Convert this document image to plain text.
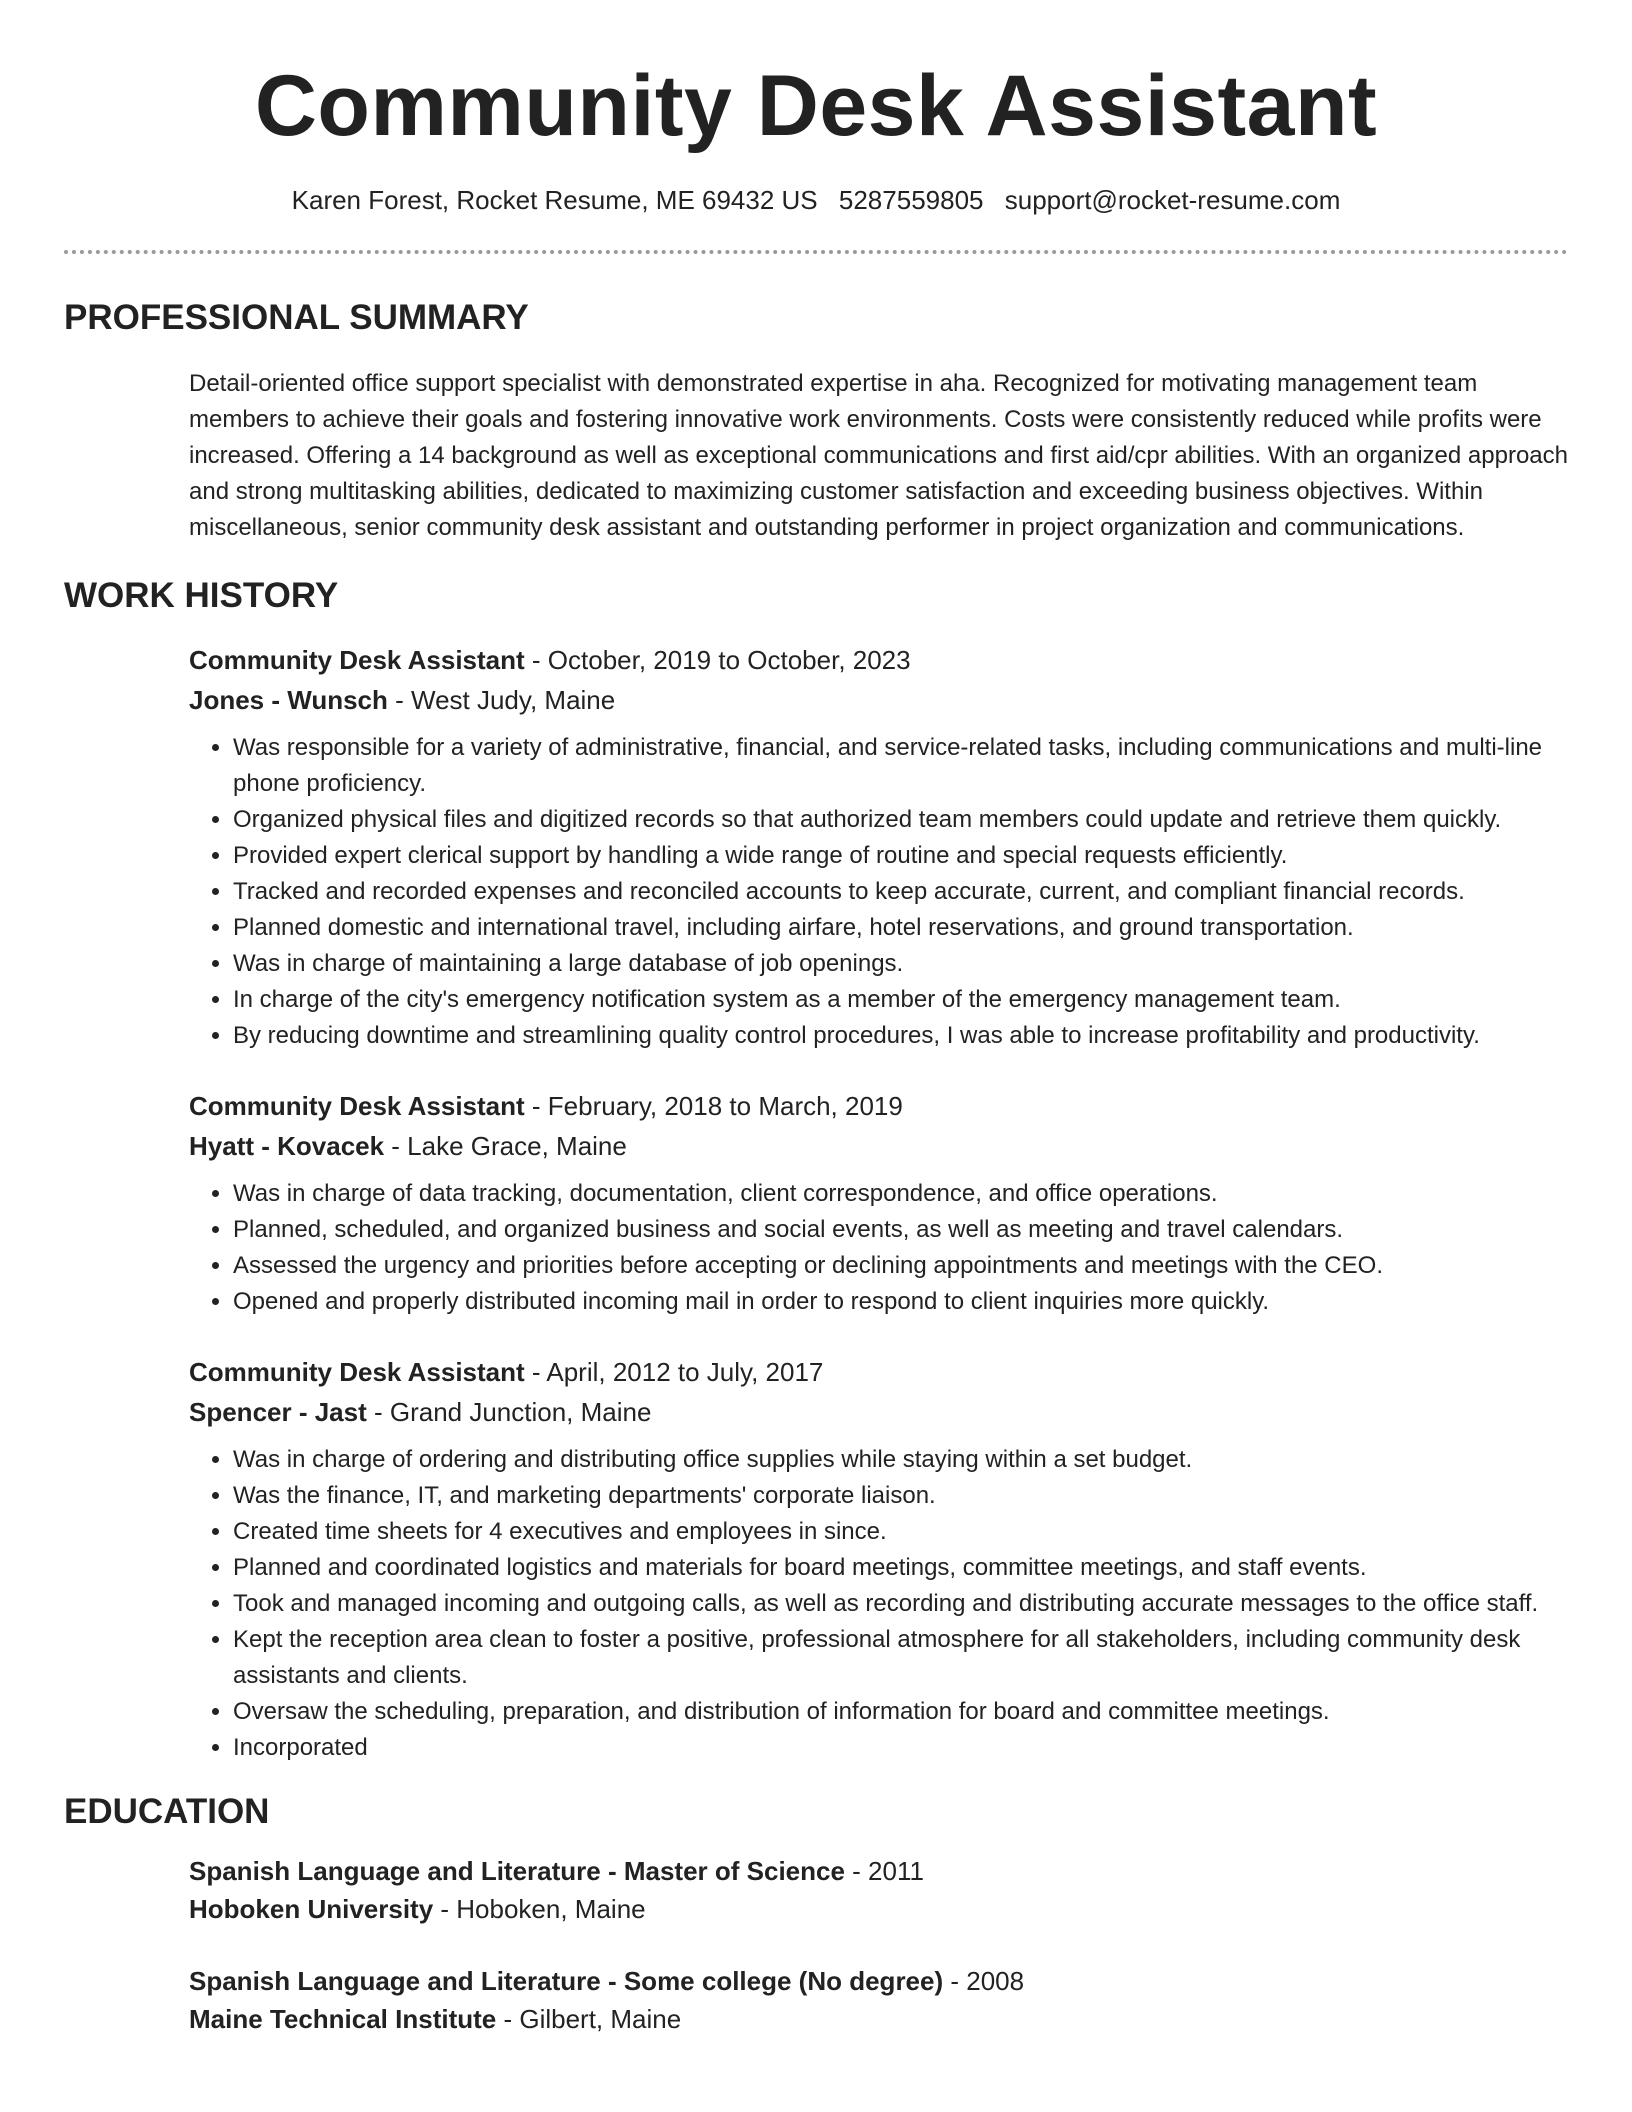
Community Desk Assistant
Karen Forest, Rocket Resume, ME 69432 US 5287559805 support@rocket-resume.com
PROFESSIONAL SUMMARY

Detail-oriented office support specialist with demonstrated expertise in aha. Recognized for motivating management team members to achieve their goals and fostering innovative work environments. Costs were consistently reduced while profits were increased. Offering a 14 background as well as exceptional communications and first aid/cpr abilities. With an organized approach and strong multitasking abilities, dedicated to maximizing customer satisfaction and exceeding business objectives. Within miscellaneous, senior community desk assistant and outstanding performer in project organization and communications.

WORK HISTORY
Community Desk Assistant - October, 2019 to October, 2023
Jones - Wunsch - West Judy, Maine
• Was responsible for a variety of administrative, financial, and service-related tasks, including communications and multi-line phone proficiency.
• Organized physical files and digitized records so that authorized team members could update and retrieve them quickly.
• Provided expert clerical support by handling a wide range of routine and special requests efficiently.
• Tracked and recorded expenses and reconciled accounts to keep accurate, current, and compliant financial records.
• Planned domestic and international travel, including airfare, hotel reservations, and ground transportation.
• Was in charge of maintaining a large database of job openings.
• In charge of the city's emergency notification system as a member of the emergency management team.
• By reducing downtime and streamlining quality control procedures, I was able to increase profitability and productivity.
Community Desk Assistant - February, 2018 to March, 2019
Hyatt - Kovacek - Lake Grace, Maine
• Was in charge of data tracking, documentation, client correspondence, and office operations.
• Planned, scheduled, and organized business and social events, as well as meeting and travel calendars.
• Assessed the urgency and priorities before accepting or declining appointments and meetings with the CEO.
• Opened and properly distributed incoming mail in order to respond to client inquiries more quickly.
Community Desk Assistant - April, 2012 to July, 2017
Spencer - Jast - Grand Junction, Maine
• Was in charge of ordering and distributing office supplies while staying within a set budget.
• Was the finance, IT, and marketing departments' corporate liaison.
• Created time sheets for 4 executives and employees in since.
• Planned and coordinated logistics and materials for board meetings, committee meetings, and staff events.
• Took and managed incoming and outgoing calls, as well as recording and distributing accurate messages to the office staff.
• Kept the reception area clean to foster a positive, professional atmosphere for all stakeholders, including community desk assistants and clients.
• Oversaw the scheduling, preparation, and distribution of information for board and committee meetings.
• Incorporated
EDUCATION
Spanish Language and Literature - Master of Science - 2011
Hoboken University - Hoboken, Maine
Spanish Language and Literature - Some college (No degree) - 2008
Maine Technical Institute - Gilbert, Maine
